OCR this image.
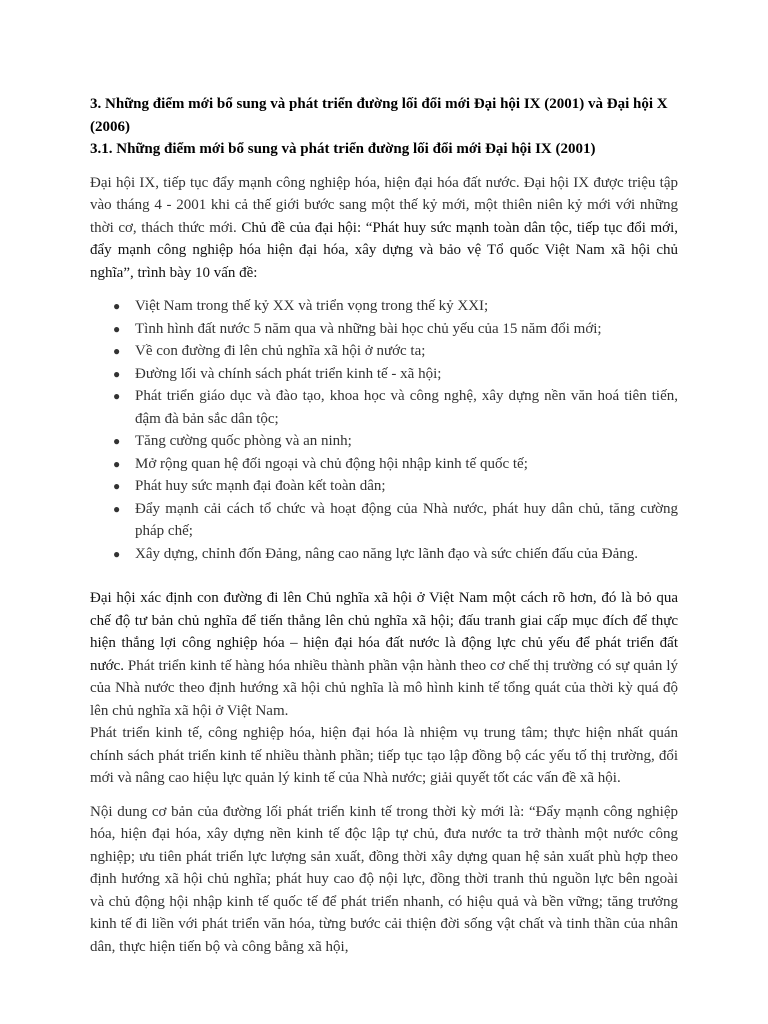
3. Những điểm mới bổ sung và phát triển đường lối đổi mới Đại hội IX (2001) và Đại hội X (2006)

3.1. Những điểm mới bổ sung và phát triển đường lối đổi mới Đại hội IX (2001)

Đại hội IX, tiếp tục đẩy mạnh công nghiệp hóa, hiện đại hóa đất nước. Đại hội IX được triệu tập vào tháng 4 - 2001 khi cả thế giới bước sang một thế kỷ mới, một thiên niên kỷ mới với những thời cơ, thách thức mới. Chủ đề của đại hội: “Phát huy sức mạnh toàn dân tộc, tiếp tục đổi mới, đẩy mạnh công nghiệp hóa hiện đại hóa, xây dựng và bảo vệ Tổ quốc Việt Nam xã hội chủ nghĩa”, trình bày 10 vấn đề:

● Việt Nam trong thế kỷ XX và triển vọng trong thế kỷ XXI;
● Tình hình đất nước 5 năm qua và những bài học chủ yếu của 15 năm đổi mới;
● Về con đường đi lên chủ nghĩa xã hội ở nước ta;
● Đường lối và chính sách phát triển kinh tế - xã hội;
● Phát triển giáo dục và đào tạo, khoa học và công nghệ, xây dựng nền văn hoá tiên tiến, đậm đà bản sắc dân tộc;
● Tăng cường quốc phòng và an ninh;
● Mở rộng quan hệ đối ngoại và chủ động hội nhập kinh tế quốc tế;
● Phát huy sức mạnh đại đoàn kết toàn dân;
● Đẩy mạnh cải cách tổ chức và hoạt động của Nhà nước, phát huy dân chủ, tăng cường pháp chế;
● Xây dựng, chỉnh đốn Đảng, nâng cao năng lực lãnh đạo và sức chiến đấu của Đảng.

Đại hội xác định con đường đi lên Chủ nghĩa xã hội ở Việt Nam một cách rõ hơn, đó là bỏ qua chế độ tư bản chủ nghĩa để tiến thẳng lên chủ nghĩa xã hội; đấu tranh giai cấp mục đích để thực hiện thắng lợi công nghiệp hóa – hiện đại hóa đất nước là động lực chủ yếu để phát triển đất nước. Phát triển kinh tế hàng hóa nhiều thành phần vận hành theo cơ chế thị trường có sự quản lý của Nhà nước theo định hướng xã hội chủ nghĩa là mô hình kinh tế tổng quát của thời kỳ quá độ lên chủ nghĩa xã hội ở Việt Nam.

Phát triển kinh tế, công nghiệp hóa, hiện đại hóa là nhiệm vụ trung tâm; thực hiện nhất quán chính sách phát triển kinh tế nhiều thành phần; tiếp tục tạo lập đồng bộ các yếu tố thị trường, đổi mới và nâng cao hiệu lực quản lý kinh tế của Nhà nước; giải quyết tốt các vấn đề xã hội.

Nội dung cơ bản của đường lối phát triển kinh tế trong thời kỳ mới là: “Đẩy mạnh công nghiệp hóa, hiện đại hóa, xây dựng nền kinh tế độc lập tự chủ, đưa nước ta trở thành một nước công nghiệp; ưu tiên phát triển lực lượng sản xuất, đồng thời xây dựng quan hệ sản xuất phù hợp theo định hướng xã hội chủ nghĩa; phát huy cao độ nội lực, đồng thời tranh thủ nguồn lực bên ngoài và chủ động hội nhập kinh tế quốc tế để phát triển nhanh, có hiệu quả và bền vững; tăng trưởng kinh tế đi liền với phát triển văn hóa, từng bước cải thiện đời sống vật chất và tinh thần của nhân dân, thực hiện tiến bộ và công bằng xã hội,
